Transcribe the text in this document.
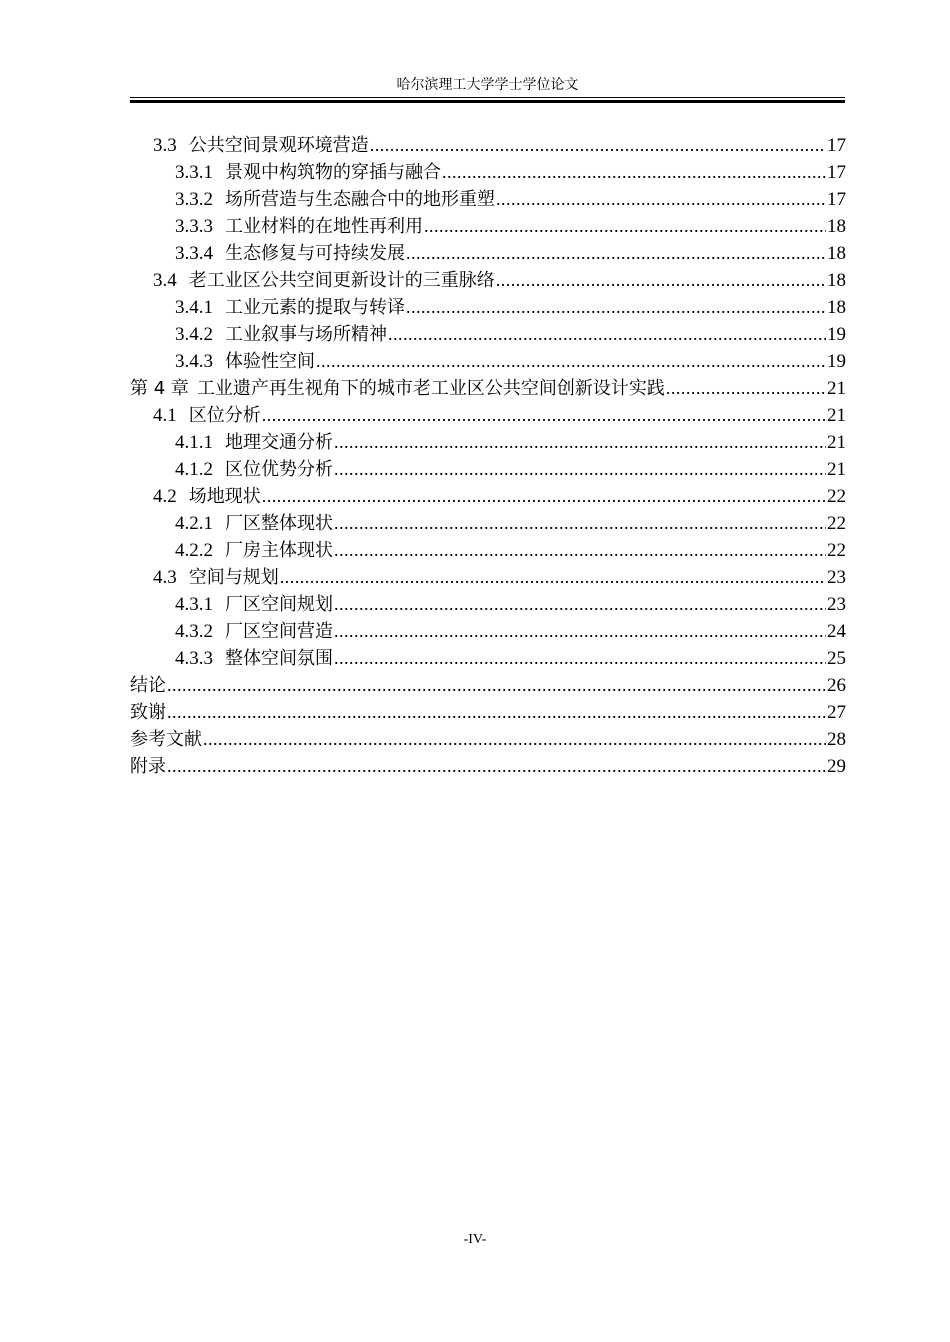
哈尔滨理工大学学士学位论文
3.3 公共空间景观环境营造 .....	17
3.3.1 景观中构筑物的穿插与融合 .....	17
3.3.2 场所营造与生态融合中的地形重塑 .....	17
3.3.3 工业材料的在地性再利用 .....	18
3.3.4 生态修复与可持续发展 .....	18
3.4 老工业区公共空间更新设计的三重脉络 .....	18
3.4.1 工业元素的提取与转译 .....	18
3.4.2 工业叙事与场所精神 .....	19
3.4.3 体验性空间 .....	19
第 4 章 工业遗产再生视角下的城市老工业区公共空间创新设计实践 .....	21
4.1 区位分析 .....	21
4.1.1 地理交通分析 .....	21
4.1.2 区位优势分析 .....	21
4.2 场地现状 .....	22
4.2.1 厂区整体现状 .....	22
4.2.2 厂房主体现状 .....	22
4.3 空间与规划 .....	23
4.3.1 厂区空间规划 .....	23
4.3.2 厂区空间营造 .....	24
4.3.3 整体空间氛围 .....	25
结论 .....	26
致谢 .....	27
参考文献 .....	28
附录 .....	29
-IV-
